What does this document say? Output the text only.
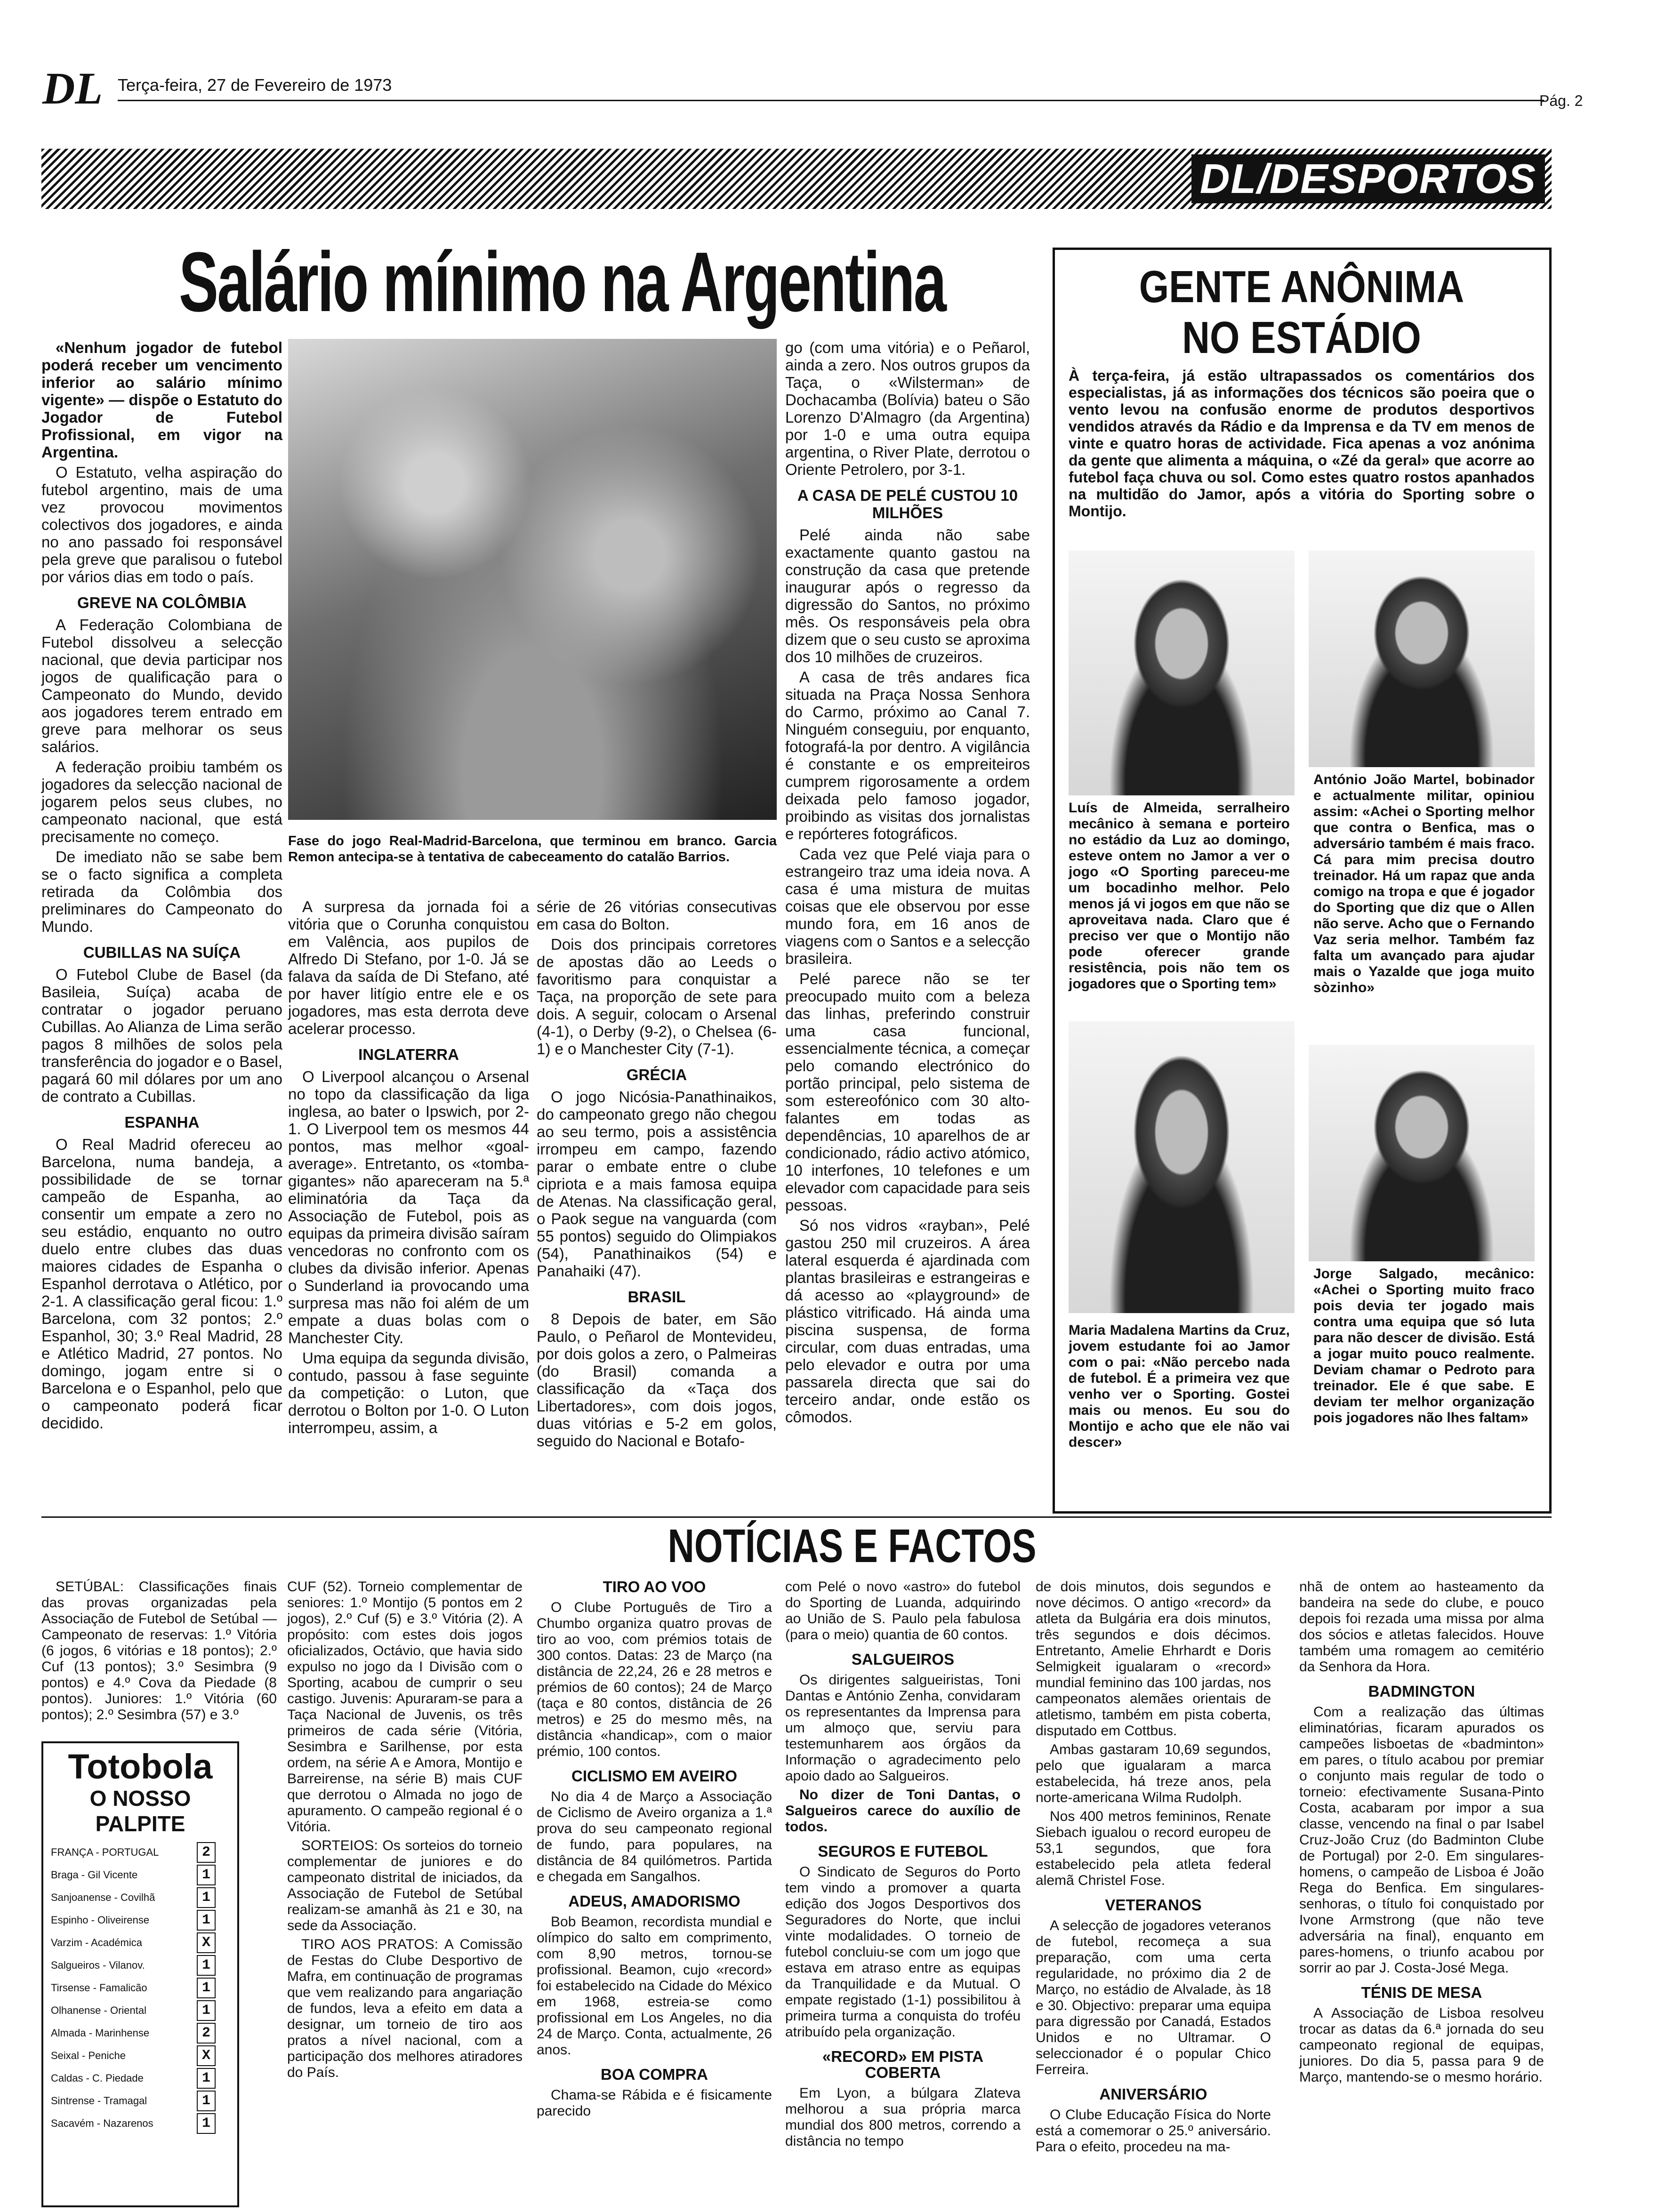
DL Terça-feira, 27 de Fevereiro de 1973
Pág. 2
DL/DESPORTOS
Salário mínimo na Argentina

«Nenhum jogador de futebol poderá receber um vencimento inferior ao salário mínimo vigente» — dispõe o Estatuto do Jogador de Futebol Profissional, em vigor na Argentina.

O Estatuto, velha aspiração do futebol argentino, mais de uma vez provocou movimentos colectivos dos jogadores, e ainda no ano passado foi responsável pela greve que paralisou o futebol por vários dias em todo o país.

GREVE NA COLÔMBIA

A Federação Colombiana de Futebol dissolveu a selecção nacional, que devia participar nos jogos de qualificação para o Campeonato do Mundo, devido aos jogadores terem entrado em greve para melhorar os seus salários.

A federação proibiu também os jogadores da selecção nacional de jogarem pelos seus clubes, no campeonato nacional, que está precisamente no começo.

De imediato não se sabe bem se o facto significa a completa retirada da Colômbia dos preliminares do Campeonato do Mundo.

CUBILLAS NA SUÍÇA

O Futebol Clube de Basel (da Basileia, Suíça) acaba de contratar o jogador peruano Cubillas. Ao Alianza de Lima serão pagos 8 milhões de solos pela transferência do jogador e o Basel, pagará 60 mil dólares por um ano de contrato a Cubillas.

ESPANHA

O Real Madrid ofereceu ao Barcelona, numa bandeja, a possibilidade de se tornar campeão de Espanha, ao consentir um empate a zero no seu estádio, enquanto no outro duelo entre clubes das duas maiores cidades de Espanha o Espanhol derrotava o Atlético, por 2-1. A classificação geral ficou: 1.º Barcelona, com 32 pontos; 2.º Espanhol, 30; 3.º Real Madrid, 28 e Atlético Madrid, 27 pontos. No domingo, jogam entre si o Barcelona e o Espanhol, pelo que o campeonato poderá ficar decidido.

Fase do jogo Real-Madrid-Barcelona, que terminou em branco. Garcia Remon antecipa-se à tentativa de cabeceamento do catalão Barrios.

A surpresa da jornada foi a vitória que o Corunha conquistou em Valência, aos pupilos de Alfredo Di Stefano, por 1-0. Já se falava da saída de Di Stefano, até por haver litígio entre ele e os jogadores, mas esta derrota deve acelerar processo.

INGLATERRA

O Liverpool alcançou o Arsenal no topo da classificação da liga inglesa, ao bater o Ipswich, por 2-1. O Liverpool tem os mesmos 44 pontos, mas melhor «goal-average». Entretanto, os «tomba-gigantes» não apareceram na 5.ª eliminatória da Taça da Associação de Futebol, pois as equipas da primeira divisão saíram vencedoras no confronto com os clubes da divisão inferior. Apenas o Sunderland ia provocando uma surpresa mas não foi além de um empate a duas bolas com o Manchester City.

Uma equipa da segunda divisão, contudo, passou à fase seguinte da competição: o Luton, que derrotou o Bolton por 1-0. O Luton interrompeu, assim, a

série de 26 vitórias consecutivas em casa do Bolton.

Dois dos principais corretores de apostas dão ao Leeds o favoritismo para conquistar a Taça, na proporção de sete para dois. A seguir, colocam o Arsenal (4-1), o Derby (9-2), o Chelsea (6-1) e o Manchester City (7-1).

GRÉCIA

O jogo Nicósia-Panathinaikos, do campeonato grego não chegou ao seu termo, pois a assistência irrompeu em campo, fazendo parar o embate entre o clube cipriota e a mais famosa equipa de Atenas. Na classificação geral, o Paok segue na vanguarda (com 55 pontos) seguido do Olimpiakos (54), Panathinaikos (54) e Panahaiki (47).

BRASIL

8 Depois de bater, em São Paulo, o Peñarol de Montevideu, por dois golos a zero, o Palmeiras (do Brasil) comanda a classificação da «Taça dos Libertadores», com dois jogos, duas vitórias e 5-2 em golos, seguido do Nacional e Botafo-

go (com uma vitória) e o Peñarol, ainda a zero. Nos outros grupos da Taça, o «Wilsterman» de Dochacamba (Bolívia) bateu o São Lorenzo D'Almagro (da Argentina) por 1-0 e uma outra equipa argentina, o River Plate, derrotou o Oriente Petrolero, por 3-1.

A CASA DE PELÉ CUSTOU 10 MILHÕES

Pelé ainda não sabe exactamente quanto gastou na construção da casa que pretende inaugurar após o regresso da digressão do Santos, no próximo mês. Os responsáveis pela obra dizem que o seu custo se aproxima dos 10 milhões de cruzeiros.

A casa de três andares fica situada na Praça Nossa Senhora do Carmo, próximo ao Canal 7. Ninguém conseguiu, por enquanto, fotografá-la por dentro. A vigilância é constante e os empreiteiros cumprem rigorosamente a ordem deixada pelo famoso jogador, proibindo as visitas dos jornalistas e repórteres fotográficos.

Cada vez que Pelé viaja para o estrangeiro traz uma ideia nova. A casa é uma mistura de muitas coisas que ele observou por esse mundo fora, em 16 anos de viagens com o Santos e a selecção brasileira.

Pelé parece não se ter preocupado muito com a beleza das linhas, preferindo construir uma casa funcional, essencialmente técnica, a começar pelo comando electrónico do portão principal, pelo sistema de som estereofónico com 30 alto-falantes em todas as dependências, 10 aparelhos de ar condicionado, rádio activo atómico, 10 interfones, 10 telefones e um elevador com capacidade para seis pessoas.

Só nos vidros «rayban», Pelé gastou 250 mil cruzeiros. A área lateral esquerda é ajardinada com plantas brasileiras e estrangeiras e dá acesso ao «playground» de plástico vitrificado. Há ainda uma piscina suspensa, de forma circular, com duas entradas, uma pelo elevador e outra por uma passarela directa que sai do terceiro andar, onde estão os cômodos.

GENTE ANÔNIMA
NO ESTÁDIO
À terça-feira, já estão ultrapassados os comentários dos especialistas, já as informações dos técnicos são poeira que o vento levou na confusão enorme de produtos desportivos vendidos através da Rádio e da Imprensa e da TV em menos de vinte e quatro horas de actividade. Fica apenas a voz anónima da gente que alimenta a máquina, o «Zé da geral» que acorre ao futebol faça chuva ou sol. Como estes quatro rostos apanhados na multidão do Jamor, após a vitória do Sporting sobre o Montijo.
Luís de Almeida, serralheiro mecânico à semana e porteiro no estádio da Luz ao domingo, esteve ontem no Jamor a ver o jogo «O Sporting pareceu-me um bocadinho melhor. Pelo menos já vi jogos em que não se aproveitava nada. Claro que é preciso ver que o Montijo não pode oferecer grande resistência, pois não tem os jogadores que o Sporting tem»
António João Martel, bobinador e actualmente militar, opiniou assim: «Achei o Sporting melhor que contra o Benfica, mas o adversário também é mais fraco. Cá para mim precisa doutro treinador. Há um rapaz que anda comigo na tropa e que é jogador do Sporting que diz que o Allen não serve. Acho que o Fernando Vaz seria melhor. Também faz falta um avançado para ajudar mais o Yazalde que joga muito sòzinho»
Maria Madalena Martins da Cruz, jovem estudante foi ao Jamor com o pai: «Não percebo nada de futebol. É a primeira vez que venho ver o Sporting. Gostei mais ou menos. Eu sou do Montijo e acho que ele não vai descer»
Jorge Salgado, mecânico: «Achei o Sporting muito fraco pois devia ter jogado mais contra uma equipa que só luta para não descer de divisão. Está a jogar muito pouco realmente. Deviam chamar o Pedroto para treinador. Ele é que sabe. E deviam ter melhor organização pois jogadores não lhes faltam»
NOTÍCIAS E FACTOS

SETÚBAL: Classificações finais das provas organizadas pela Associação de Futebol de Setúbal — Campeonato de reservas: 1.º Vitória (6 jogos, 6 vitórias e 18 pontos); 2.º Cuf (13 pontos); 3.º Sesimbra (9 pontos) e 4.º Cova da Piedade (8 pontos). Juniores: 1.º Vitória (60 pontos); 2.º Sesimbra (57) e 3.º

Totobola
O NOSSO
PALPITE
FRANÇA - PORTUGAL	2
Braga - Gil Vicente	1
Sanjoanense - Covilhã	1
Espinho - Oliveirense	1
Varzim - Académica	X
Salgueiros - Vilanov.	1
Tirsense - Famalicão	1
Olhanense - Oriental	1
Almada - Marinhense	2
Seixal - Peniche	X
Caldas - C. Piedade	1
Sintrense - Tramagal	1
Sacavém - Nazarenos	1

CUF (52). Torneio complementar de seniores: 1.º Montijo (5 pontos em 2 jogos), 2.º Cuf (5) e 3.º Vitória (2). A propósito: com estes dois jogos oficializados, Octávio, que havia sido expulso no jogo da I Divisão com o Sporting, acabou de cumprir o seu castigo. Juvenis: Apuraram-se para a Taça Nacional de Juvenis, os três primeiros de cada série (Vitória, Sesimbra e Sarilhense, por esta ordem, na série A e Amora, Montijo e Barreirense, na série B) mais CUF que derrotou o Almada no jogo de apuramento. O campeão regional é o Vitória.

SORTEIOS: Os sorteios do torneio complementar de juniores e do campeonato distrital de iniciados, da Associação de Futebol de Setúbal realizam-se amanhã às 21 e 30, na sede da Associação.

TIRO AOS PRATOS: A Comissão de Festas do Clube Desportivo de Mafra, em continuação de programas que vem realizando para angariação de fundos, leva a efeito em data a designar, um torneio de tiro aos pratos a nível nacional, com a participação dos melhores atiradores do País.

TIRO AO VOO

O Clube Português de Tiro a Chumbo organiza quatro provas de tiro ao voo, com prémios totais de 300 contos. Datas: 23 de Março (na distância de 22,24, 26 e 28 metros e prémios de 60 contos); 24 de Março (taça e 80 contos, distância de 26 metros) e 25 do mesmo mês, na distância «handicap», com o maior prémio, 100 contos.

CICLISMO EM AVEIRO

No dia 4 de Março a Associação de Ciclismo de Aveiro organiza a 1.ª prova do seu campeonato regional de fundo, para populares, na distância de 84 quilómetros. Partida e chegada em Sangalhos.

ADEUS, AMADORISMO

Bob Beamon, recordista mundial e olímpico do salto em comprimento, com 8,90 metros, tornou-se profissional. Beamon, cujo «record» foi estabelecido na Cidade do México em 1968, estreia-se como profissional em Los Angeles, no dia 24 de Março. Conta, actualmente, 26 anos.

BOA COMPRA

Chama-se Rábida e é fisicamente parecido

com Pelé o novo «astro» do futebol do Sporting de Luanda, adquirindo ao União de S. Paulo pela fabulosa (para o meio) quantia de 60 contos.

SALGUEIROS

Os dirigentes salgueiristas, Toni Dantas e António Zenha, convidaram os representantes da Imprensa para um almoço que, serviu para testemunharem aos órgãos da Informação o agradecimento pelo apoio dado ao Salgueiros.

No dizer de Toni Dantas, o Salgueiros carece do auxílio de todos.

SEGUROS E FUTEBOL

O Sindicato de Seguros do Porto tem vindo a promover a quarta edição dos Jogos Desportivos dos Seguradores do Norte, que inclui vinte modalidades. O torneio de futebol concluiu-se com um jogo que estava em atraso entre as equipas da Tranquilidade e da Mutual. O empate registado (1-1) possibilitou à primeira turma a conquista do troféu atribuído pela organização.

«RECORD» EM PISTA COBERTA

Em Lyon, a búlgara Zlateva melhorou a sua própria marca mundial dos 800 metros, correndo a distância no tempo

de dois minutos, dois segundos e nove décimos. O antigo «record» da atleta da Bulgária era dois minutos, três segundos e dois décimos. Entretanto, Amelie Ehrhardt e Doris Selmigkeit igualaram o «record» mundial feminino das 100 jardas, nos campeonatos alemães orientais de atletismo, também em pista coberta, disputado em Cottbus.

Ambas gastaram 10,69 segundos, pelo que igualaram a marca estabelecida, há treze anos, pela norte-americana Wilma Rudolph.

Nos 400 metros femininos, Renate Siebach igualou o record europeu de 53,1 segundos, que fora estabelecido pela atleta federal alemã Christel Fose.

VETERANOS

A selecção de jogadores veteranos de futebol, recomeça a sua preparação, com uma certa regularidade, no próximo dia 2 de Março, no estádio de Alvalade, às 18 e 30. Objectivo: preparar uma equipa para digressão por Canadá, Estados Unidos e no Ultramar. O seleccionador é o popular Chico Ferreira.

ANIVERSÁRIO

O Clube Educação Física do Norte está a comemorar o 25.º aniversário. Para o efeito, procedeu na ma-

nhã de ontem ao hasteamento da bandeira na sede do clube, e pouco depois foi rezada uma missa por alma dos sócios e atletas falecidos. Houve também uma romagem ao cemitério da Senhora da Hora.

BADMINGTON

Com a realização das últimas eliminatórias, ficaram apurados os campeões lisboetas de «badminton» em pares, o título acabou por premiar o conjunto mais regular de todo o torneio: efectivamente Susana-Pinto Costa, acabaram por impor a sua classe, vencendo na final o par Isabel Cruz-João Cruz (do Badminton Clube de Portugal) por 2-0. Em singulares-homens, o campeão de Lisboa é João Rega do Benfica. Em singulares-senhoras, o título foi conquistado por Ivone Armstrong (que não teve adversária na final), enquanto em pares-homens, o triunfo acabou por sorrir ao par J. Costa-José Mega.

TÉNIS DE MESA

A Associação de Lisboa resolveu trocar as datas da 6.ª jornada do seu campeonato regional de equipas, juniores. Do dia 5, passa para 9 de Março, mantendo-se o mesmo horário.
